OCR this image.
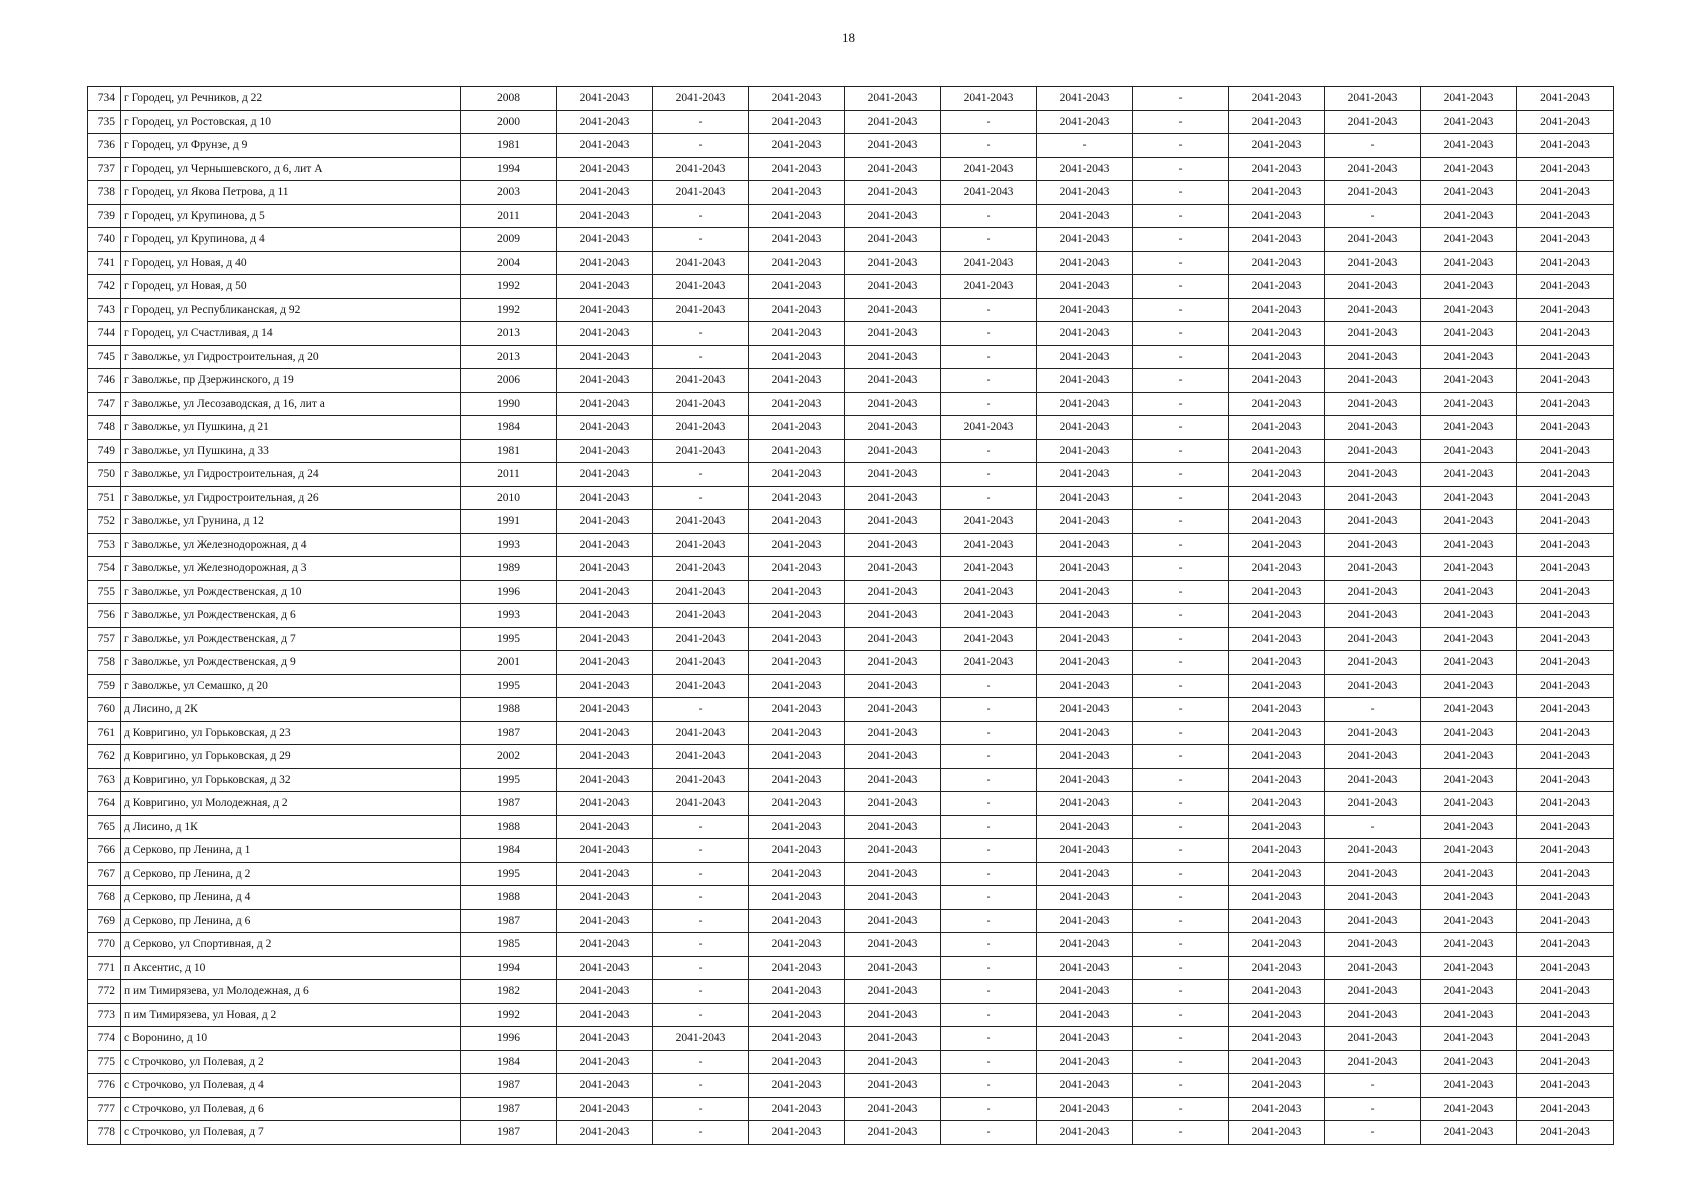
18
734	г Городец, ул Речников, д 22	2008	2041-2043	2041-2043	2041-2043	2041-2043	2041-2043	2041-2043	-	2041-2043	2041-2043	2041-2043	2041-2043
735	г Городец, ул Ростовская, д 10	2000	2041-2043	-	2041-2043	2041-2043	-	2041-2043	-	2041-2043	2041-2043	2041-2043	2041-2043
736	г Городец, ул Фрунзе, д 9	1981	2041-2043	-	2041-2043	2041-2043	-	-	-	2041-2043	-	2041-2043	2041-2043
737	г Городец, ул Чернышевского, д 6, лит А	1994	2041-2043	2041-2043	2041-2043	2041-2043	2041-2043	2041-2043	-	2041-2043	2041-2043	2041-2043	2041-2043
738	г Городец, ул Якова Петрова, д 11	2003	2041-2043	2041-2043	2041-2043	2041-2043	2041-2043	2041-2043	-	2041-2043	2041-2043	2041-2043	2041-2043
739	г Городец, ул Крупинова, д 5	2011	2041-2043	-	2041-2043	2041-2043	-	2041-2043	-	2041-2043	-	2041-2043	2041-2043
740	г Городец, ул Крупинова, д 4	2009	2041-2043	-	2041-2043	2041-2043	-	2041-2043	-	2041-2043	2041-2043	2041-2043	2041-2043
741	г Городец, ул Новая, д 40	2004	2041-2043	2041-2043	2041-2043	2041-2043	2041-2043	2041-2043	-	2041-2043	2041-2043	2041-2043	2041-2043
742	г Городец, ул Новая, д 50	1992	2041-2043	2041-2043	2041-2043	2041-2043	2041-2043	2041-2043	-	2041-2043	2041-2043	2041-2043	2041-2043
743	г Городец, ул Республиканская, д 92	1992	2041-2043	2041-2043	2041-2043	2041-2043	-	2041-2043	-	2041-2043	2041-2043	2041-2043	2041-2043
744	г Городец, ул Счастливая, д 14	2013	2041-2043	-	2041-2043	2041-2043	-	2041-2043	-	2041-2043	2041-2043	2041-2043	2041-2043
745	г Заволжье, ул Гидростроительная, д 20	2013	2041-2043	-	2041-2043	2041-2043	-	2041-2043	-	2041-2043	2041-2043	2041-2043	2041-2043
746	г Заволжье, пр Дзержинского, д 19	2006	2041-2043	2041-2043	2041-2043	2041-2043	-	2041-2043	-	2041-2043	2041-2043	2041-2043	2041-2043
747	г Заволжье, ул Лесозаводская, д 16, лит а	1990	2041-2043	2041-2043	2041-2043	2041-2043	-	2041-2043	-	2041-2043	2041-2043	2041-2043	2041-2043
748	г Заволжье, ул Пушкина, д 21	1984	2041-2043	2041-2043	2041-2043	2041-2043	2041-2043	2041-2043	-	2041-2043	2041-2043	2041-2043	2041-2043
749	г Заволжье, ул Пушкина, д 33	1981	2041-2043	2041-2043	2041-2043	2041-2043	-	2041-2043	-	2041-2043	2041-2043	2041-2043	2041-2043
750	г Заволжье, ул Гидростроительная, д 24	2011	2041-2043	-	2041-2043	2041-2043	-	2041-2043	-	2041-2043	2041-2043	2041-2043	2041-2043
751	г Заволжье, ул Гидростроительная, д 26	2010	2041-2043	-	2041-2043	2041-2043	-	2041-2043	-	2041-2043	2041-2043	2041-2043	2041-2043
752	г Заволжье, ул Грунина, д 12	1991	2041-2043	2041-2043	2041-2043	2041-2043	2041-2043	2041-2043	-	2041-2043	2041-2043	2041-2043	2041-2043
753	г Заволжье, ул Железнодорожная, д 4	1993	2041-2043	2041-2043	2041-2043	2041-2043	2041-2043	2041-2043	-	2041-2043	2041-2043	2041-2043	2041-2043
754	г Заволжье, ул Железнодорожная, д 3	1989	2041-2043	2041-2043	2041-2043	2041-2043	2041-2043	2041-2043	-	2041-2043	2041-2043	2041-2043	2041-2043
755	г Заволжье, ул Рождественская, д 10	1996	2041-2043	2041-2043	2041-2043	2041-2043	2041-2043	2041-2043	-	2041-2043	2041-2043	2041-2043	2041-2043
756	г Заволжье, ул Рождественская, д 6	1993	2041-2043	2041-2043	2041-2043	2041-2043	2041-2043	2041-2043	-	2041-2043	2041-2043	2041-2043	2041-2043
757	г Заволжье, ул Рождественская, д 7	1995	2041-2043	2041-2043	2041-2043	2041-2043	2041-2043	2041-2043	-	2041-2043	2041-2043	2041-2043	2041-2043
758	г Заволжье, ул Рождественская, д 9	2001	2041-2043	2041-2043	2041-2043	2041-2043	2041-2043	2041-2043	-	2041-2043	2041-2043	2041-2043	2041-2043
759	г Заволжье, ул Семашко, д 20	1995	2041-2043	2041-2043	2041-2043	2041-2043	-	2041-2043	-	2041-2043	2041-2043	2041-2043	2041-2043
760	д Лисино, д 2К	1988	2041-2043	-	2041-2043	2041-2043	-	2041-2043	-	2041-2043	-	2041-2043	2041-2043
761	д Ковригино, ул Горьковская, д 23	1987	2041-2043	2041-2043	2041-2043	2041-2043	-	2041-2043	-	2041-2043	2041-2043	2041-2043	2041-2043
762	д Ковригино, ул Горьковская, д 29	2002	2041-2043	2041-2043	2041-2043	2041-2043	-	2041-2043	-	2041-2043	2041-2043	2041-2043	2041-2043
763	д Ковригино, ул Горьковская, д 32	1995	2041-2043	2041-2043	2041-2043	2041-2043	-	2041-2043	-	2041-2043	2041-2043	2041-2043	2041-2043
764	д Ковригино, ул Молодежная, д 2	1987	2041-2043	2041-2043	2041-2043	2041-2043	-	2041-2043	-	2041-2043	2041-2043	2041-2043	2041-2043
765	д Лисино, д 1К	1988	2041-2043	-	2041-2043	2041-2043	-	2041-2043	-	2041-2043	-	2041-2043	2041-2043
766	д Серково, пр Ленина, д 1	1984	2041-2043	-	2041-2043	2041-2043	-	2041-2043	-	2041-2043	2041-2043	2041-2043	2041-2043
767	д Серково, пр Ленина, д 2	1995	2041-2043	-	2041-2043	2041-2043	-	2041-2043	-	2041-2043	2041-2043	2041-2043	2041-2043
768	д Серково, пр Ленина, д 4	1988	2041-2043	-	2041-2043	2041-2043	-	2041-2043	-	2041-2043	2041-2043	2041-2043	2041-2043
769	д Серково, пр Ленина, д 6	1987	2041-2043	-	2041-2043	2041-2043	-	2041-2043	-	2041-2043	2041-2043	2041-2043	2041-2043
770	д Серково, ул Спортивная, д 2	1985	2041-2043	-	2041-2043	2041-2043	-	2041-2043	-	2041-2043	2041-2043	2041-2043	2041-2043
771	п Аксентис, д 10	1994	2041-2043	-	2041-2043	2041-2043	-	2041-2043	-	2041-2043	2041-2043	2041-2043	2041-2043
772	п им Тимирязева, ул Молодежная, д 6	1982	2041-2043	-	2041-2043	2041-2043	-	2041-2043	-	2041-2043	2041-2043	2041-2043	2041-2043
773	п им Тимирязева, ул Новая, д 2	1992	2041-2043	-	2041-2043	2041-2043	-	2041-2043	-	2041-2043	2041-2043	2041-2043	2041-2043
774	с Воронино, д 10	1996	2041-2043	2041-2043	2041-2043	2041-2043	-	2041-2043	-	2041-2043	2041-2043	2041-2043	2041-2043
775	с Строчково, ул Полевая, д 2	1984	2041-2043	-	2041-2043	2041-2043	-	2041-2043	-	2041-2043	2041-2043	2041-2043	2041-2043
776	с Строчково, ул Полевая, д 4	1987	2041-2043	-	2041-2043	2041-2043	-	2041-2043	-	2041-2043	-	2041-2043	2041-2043
777	с Строчково, ул Полевая, д 6	1987	2041-2043	-	2041-2043	2041-2043	-	2041-2043	-	2041-2043	-	2041-2043	2041-2043
778	с Строчково, ул Полевая, д 7	1987	2041-2043	-	2041-2043	2041-2043	-	2041-2043	-	2041-2043	-	2041-2043	2041-2043
